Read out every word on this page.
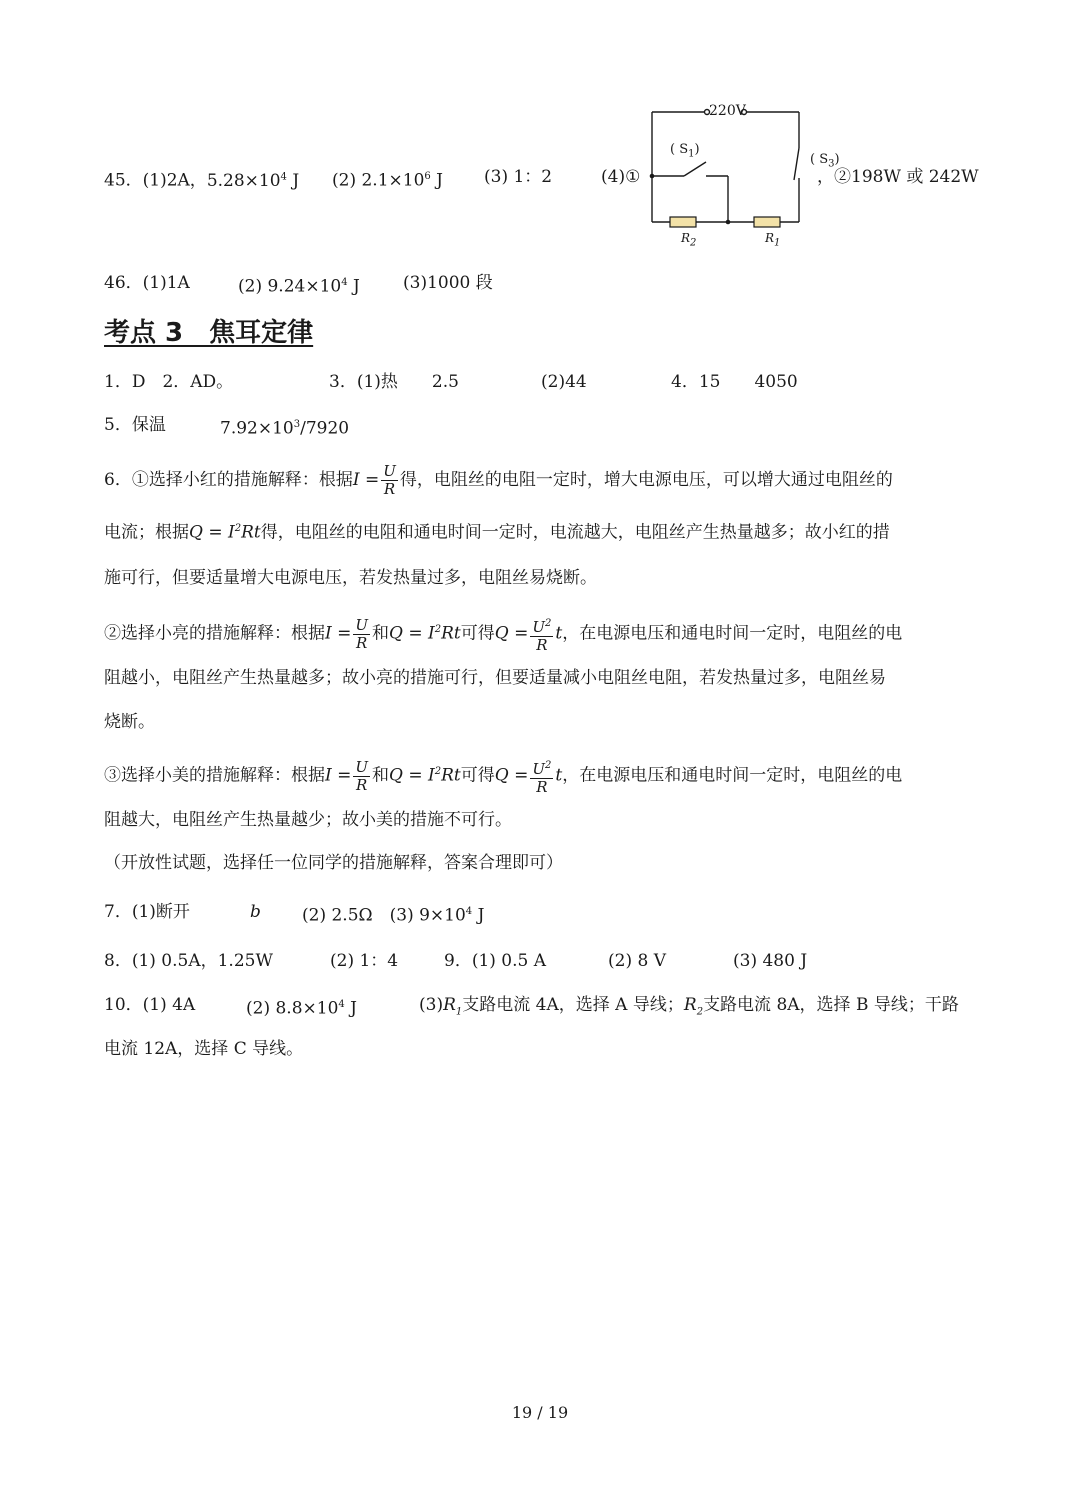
45．(1)2A，$5.28\times 10^4$ J (2) $2.1\times 10^6$ J (3) 1：2	(4)①	，②198W 或 242W
220V
( $S_1$)
( $S_3$)
$R_2$	$R_1$
46．(1)1A	(2) $9.24\times 10^4$ J	(3)1000 段
考点 3　焦耳定律
1．D　2．AD。	3．(1)热　　2.5	(2)44	4．15　　4050
5．保温	$7.92\times 10^3/7920$
6．①选择小红的措施解释：根据$I = \frac{U}{R}$ 得，电阻丝的电阻一定时，增大电源电压，可以增大通过电阻丝的
电流；根据$Q = I^2Rt$得，电阻丝的电阻和通电时间一定时，电流越大，电阻丝产生热量越多；故小红的措
施可行，但要适量增大电源电压，若发热量过多，电阻丝易烧断。
②选择小亮的措施解释：根据$I = \frac{U}{R}$ 和$Q = I^2Rt$可得$Q = \frac{U^2}{R}$ t，在电源电压和通电时间一定时，电阻丝的电
阻越小，电阻丝产生热量越多；故小亮的措施可行，但要适量减小电阻丝电阻，若发热量过多，电阻丝易
烧断。
③选择小美的措施解释：根据$I = \frac{U}{R}$ 和$Q = I^2Rt$可得$Q = \frac{U^2}{R}$ t，在电源电压和通电时间一定时，电阻丝的电
阻越大，电阻丝产生热量越少；故小美的措施不可行。
（开放性试题，选择任一位同学的措施解释，答案合理即可）
7．(1)断开	b (2) 2.5Ω　(3) $9\times 10^4$ J
8．(1) 0.5A，1.25W	(2) 1：4	9．(1) 0.5 A	(2) 8 V	(3) 480 J
10．(1) 4A	(2) $8.8\times 10^4$ J	$(3)R_1$支路电流 4A，选择 A 导线；$R_2$支路电流 8A，选择 B 导线；干路
电流 12A，选择 C 导线。
19 / 19
